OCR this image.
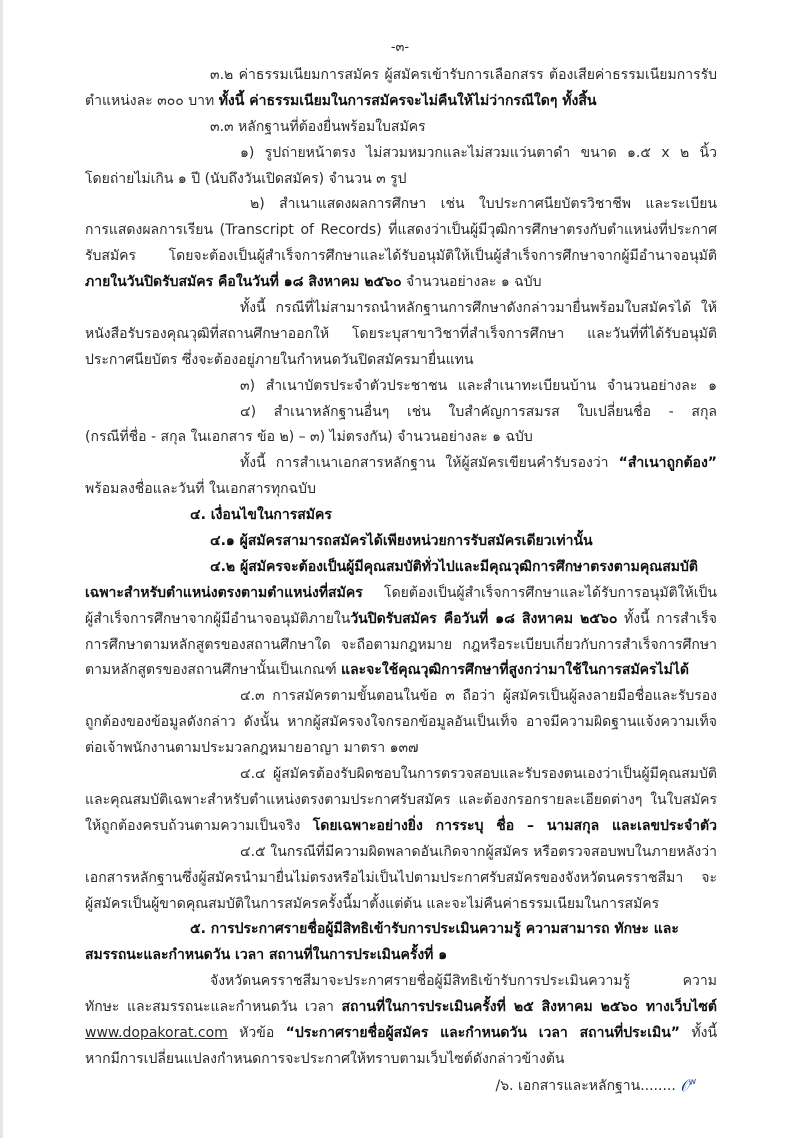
-๓-
๓.๒ ค่าธรรมเนียมการสมัคร ผู้สมัครเข้ารับการเลือกสรร ต้องเสียค่าธรรมเนียมการรับ
ตำแหน่งละ ๓๐๐ บาท ทั้งนี้ ค่าธรรมเนียมในการสมัครจะไม่คืนให้ไม่ว่ากรณีใดๆ ทั้งสิ้น
๓.๓ หลักฐานที่ต้องยื่นพร้อมใบสมัคร
๑) รูปถ่ายหน้าตรง ไม่สวมหมวกและไม่สวมแว่นตาดำ ขนาด ๑.๕ x ๒ นิ้ว
โดยถ่ายไม่เกิน ๑ ปี (นับถึงวันเปิดสมัคร) จำนวน ๓ รูป
๒) สำเนาแสดงผลการศึกษา เช่น ใบประกาศนียบัตรวิชาชีพ และระเบียน
การแสดงผลการเรียน (Transcript of Records) ที่แสดงว่าเป็นผู้มีวุฒิการศึกษาตรงกับตำแหน่งที่ประกาศ
รับสมัคร โดยจะต้องเป็นผู้สำเร็จการศึกษาและได้รับอนุมัติให้เป็นผู้สำเร็จการศึกษาจากผู้มีอำนาจอนุมัติ
ภายในวันปิดรับสมัคร คือในวันที่ ๑๘ สิงหาคม ๒๕๖๐ จำนวนอย่างละ ๑ ฉบับ
ทั้งนี้ กรณีที่ไม่สามารถนำหลักฐานการศึกษาดังกล่าวมายื่นพร้อมใบสมัครได้ ให้
หนังสือรับรองคุณวุฒิที่สถานศึกษาออกให้ โดยระบุสาขาวิชาที่สำเร็จการศึกษา และวันที่ที่ได้รับอนุมัติ
ประกาศนียบัตร ซึ่งจะต้องอยู่ภายในกำหนดวันปิดสมัครมายื่นแทน
๓) สำเนาบัตรประจำตัวประชาชน และสำเนาทะเบียนบ้าน จำนวนอย่างละ ๑
๔) สำเนาหลักฐานอื่นๆ เช่น ใบสำคัญการสมรส ใบเปลี่ยนชื่อ - สกุล
(กรณีที่ชื่อ - สกุล ในเอกสาร ข้อ ๒) – ๓) ไม่ตรงกัน) จำนวนอย่างละ ๑ ฉบับ
ทั้งนี้ การสำเนาเอกสารหลักฐาน ให้ผู้สมัครเขียนคำรับรองว่า “สำเนาถูกต้อง”
พร้อมลงชื่อและวันที่ ในเอกสารทุกฉบับ
๔. เงื่อนไขในการสมัคร
๔.๑ ผู้สมัครสามารถสมัครได้เพียงหน่วยการรับสมัครเดียวเท่านั้น
๔.๒ ผู้สมัครจะต้องเป็นผู้มีคุณสมบัติทั่วไปและมีคุณวุฒิการศึกษาตรงตามคุณสมบัติ
เฉพาะสำหรับตำแหน่งตรงตามตำแหน่งที่สมัคร โดยต้องเป็นผู้สำเร็จการศึกษาและได้รับการอนุมัติให้เป็น
ผู้สำเร็จการศึกษาจากผู้มีอำนาจอนุมัติภายในวันปิดรับสมัคร คือวันที่ ๑๘ สิงหาคม ๒๕๖๐ ทั้งนี้ การสำเร็จ
การศึกษาตามหลักสูตรของสถานศึกษาใด จะถือตามกฎหมาย กฎหรือระเบียบเกี่ยวกับการสำเร็จการศึกษา
ตามหลักสูตรของสถานศึกษานั้นเป็นเกณฑ์ และจะใช้คุณวุฒิการศึกษาที่สูงกว่ามาใช้ในการสมัครไม่ได้
๔.๓ การสมัครตามขั้นตอนในข้อ ๓ ถือว่า ผู้สมัครเป็นผู้ลงลายมือชื่อและรับรอง
ถูกต้องของข้อมูลดังกล่าว ดังนั้น หากผู้สมัครจงใจกรอกข้อมูลอันเป็นเท็จ อาจมีความผิดฐานแจ้งความเท็จ
ต่อเจ้าพนักงานตามประมวลกฎหมายอาญา มาตรา ๑๓๗
๔.๔ ผู้สมัครต้องรับผิดชอบในการตรวจสอบและรับรองตนเองว่าเป็นผู้มีคุณสมบัติ
และคุณสมบัติเฉพาะสำหรับตำแหน่งตรงตามประกาศรับสมัคร และต้องกรอกรายละเอียดต่างๆ ในใบสมัคร
ให้ถูกต้องครบถ้วนตามความเป็นจริง โดยเฉพาะอย่างยิ่ง การระบุ ชื่อ – นามสกุล และเลขประจำตัว
๔.๕ ในกรณีที่มีความผิดพลาดอันเกิดจากผู้สมัคร หรือตรวจสอบพบในภายหลังว่า
เอกสารหลักฐานซึ่งผู้สมัครนำมายื่นไม่ตรงหรือไม่เป็นไปตามประกาศรับสมัครของจังหวัดนครราชสีมา จะ
ผู้สมัครเป็นผู้ขาดคุณสมบัติในการสมัครครั้งนี้มาตั้งแต่ต้น และจะไม่คืนค่าธรรมเนียมในการสมัคร
๕. การประกาศรายชื่อผู้มีสิทธิเข้ารับการประเมินความรู้ ความสามารถ ทักษะ และ
สมรรถนะและกำหนดวัน เวลา สถานที่ในการประเมินครั้งที่ ๑
จังหวัดนครราชสีมาจะประกาศรายชื่อผู้มีสิทธิเข้ารับการประเมินความรู้ ความ
ทักษะ และสมรรถนะและกำหนดวัน เวลา สถานที่ในการประเมินครั้งที่ ๒๕ สิงหาคม ๒๕๖๐ ทางเว็บไซต์
www.dopakorat.com หัวข้อ “ประกาศรายชื่อผู้สมัคร และกำหนดวัน เวลา สถานที่ประเมิน” ทั้งนี้
หากมีการเปลี่ยนแปลงกำหนดการจะประกาศให้ทราบตามเว็บไซต์ดังกล่าวข้างต้น
/๖. เอกสารและหลักฐาน........ 𝒪ʷ
